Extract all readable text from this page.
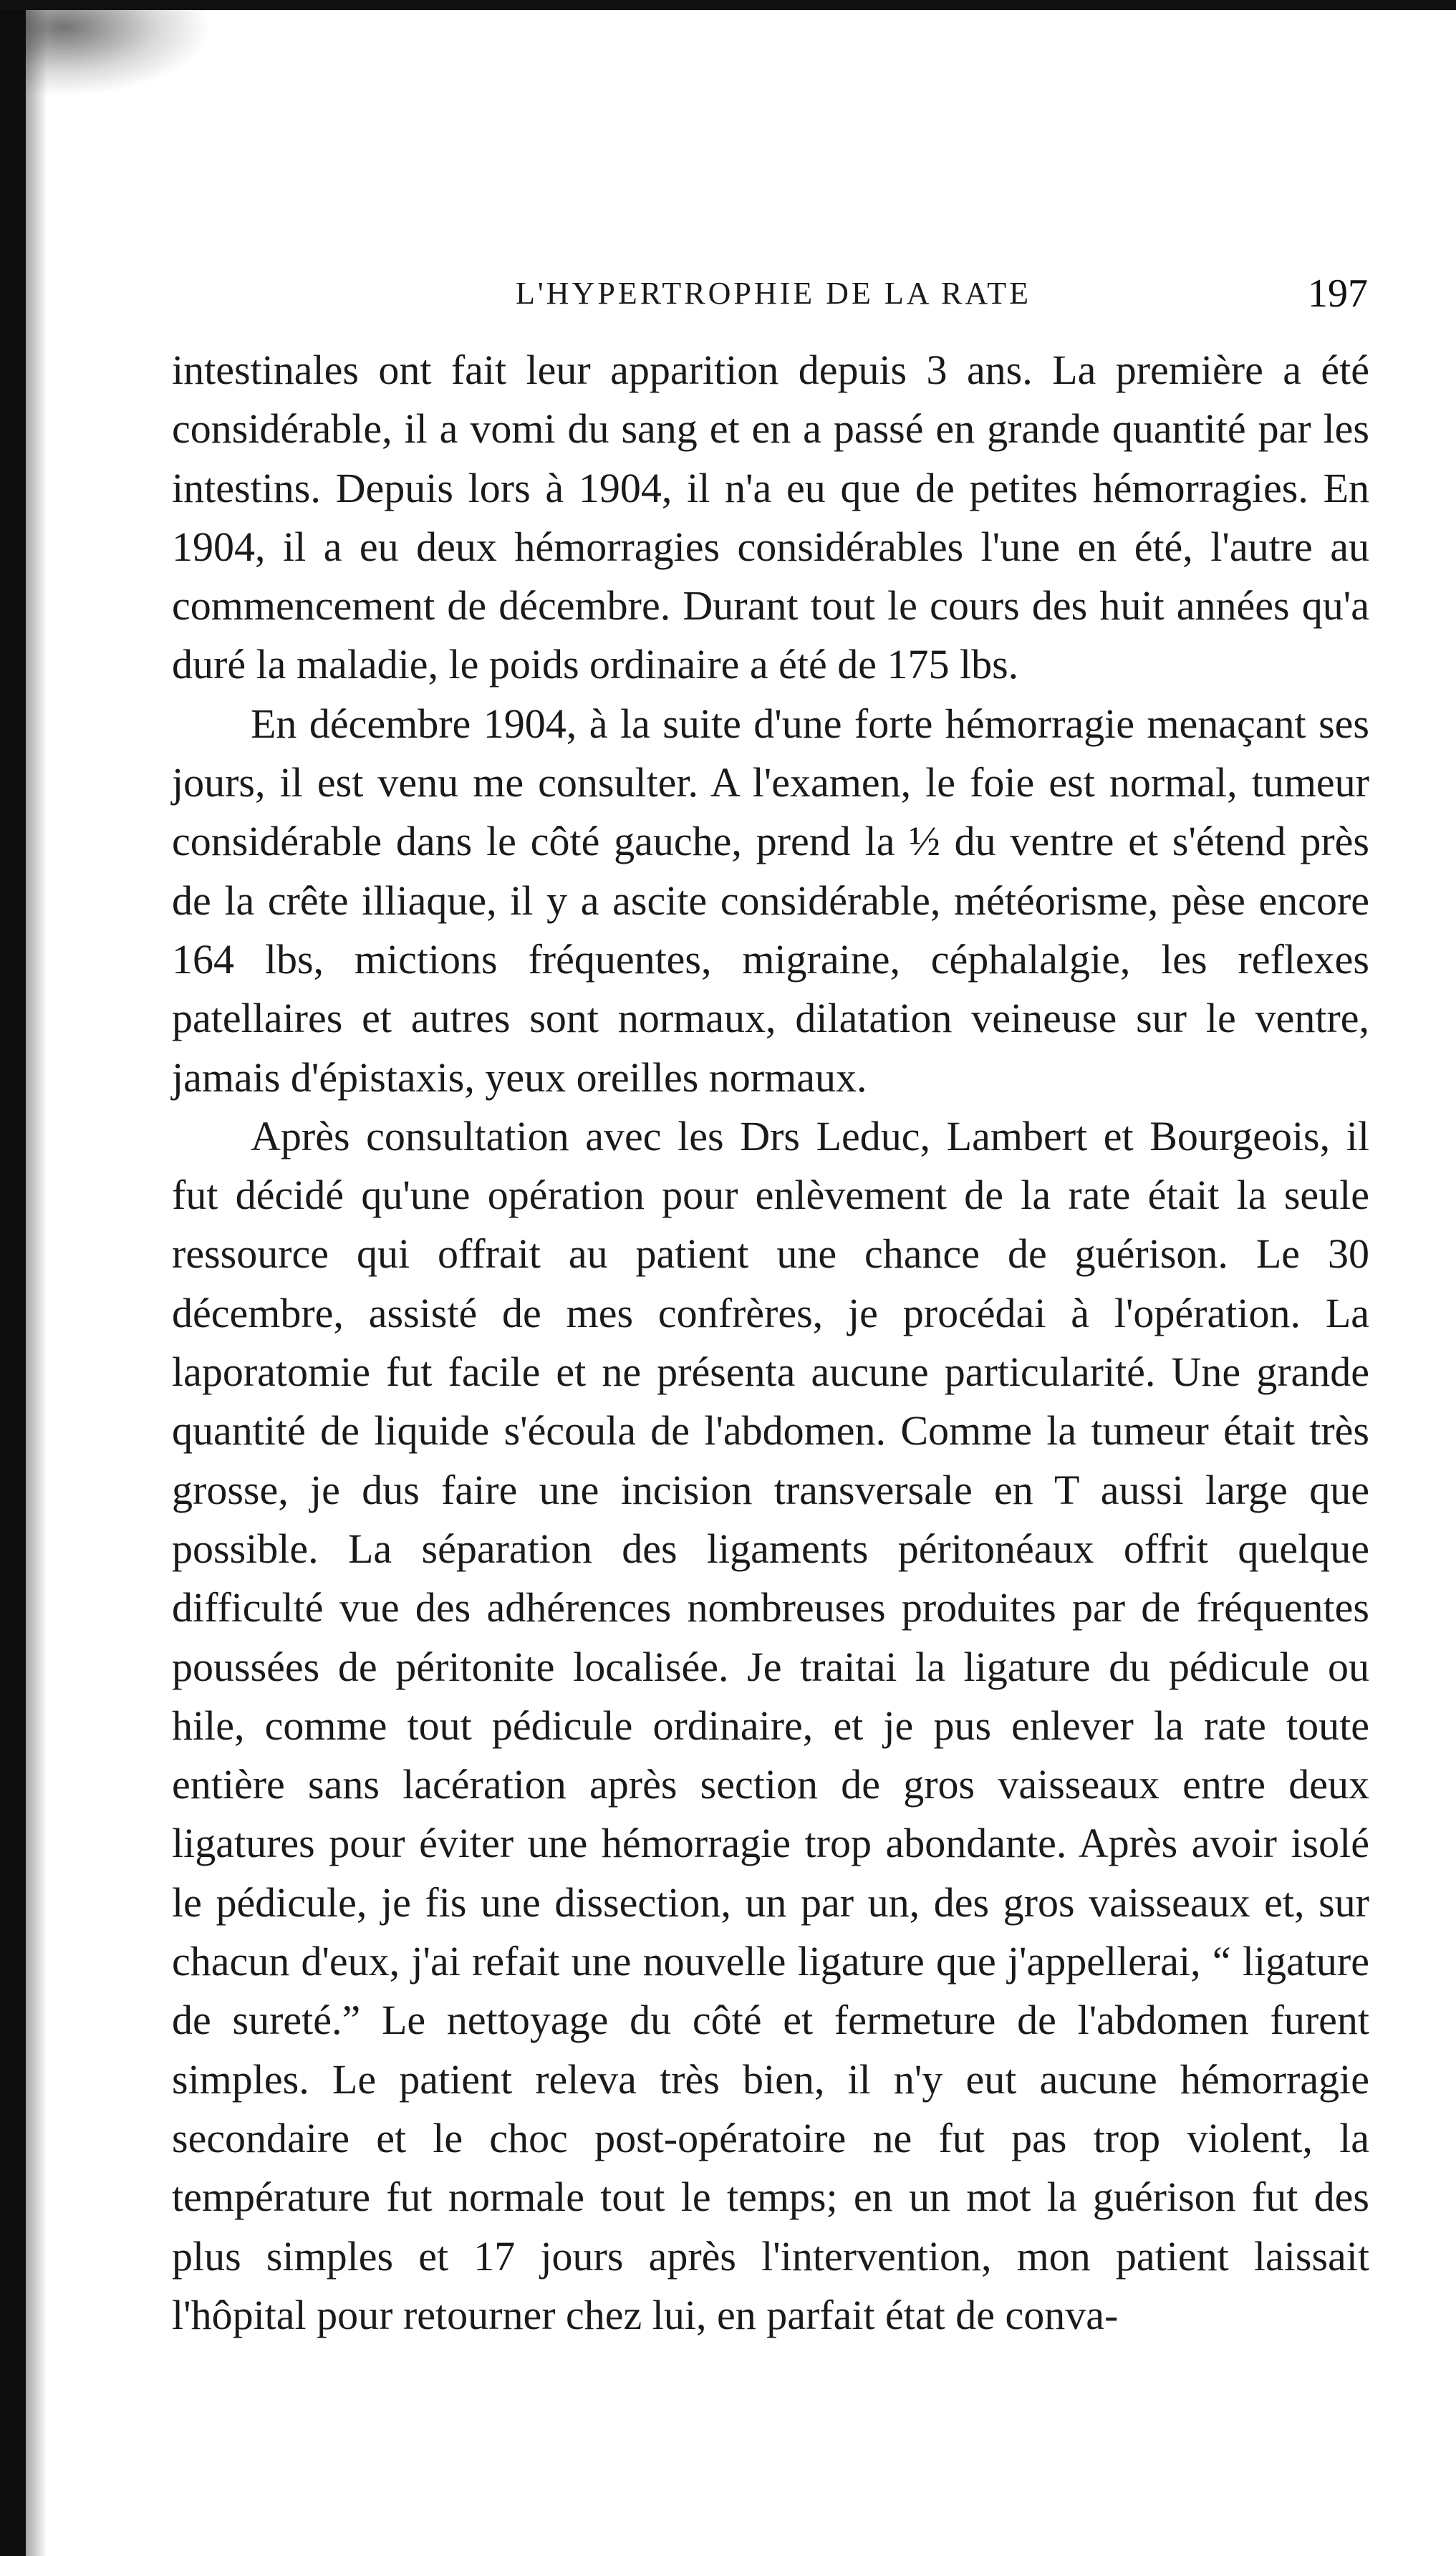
L'HYPERTROPHIE DE LA RATE	197

intestinales ont fait leur apparition depuis 3 ans. La première a été considérable, il a vomi du sang et en a passé en grande quantité par les intestins. Depuis lors à 1904, il n'a eu que de petites hémorragies. En 1904, il a eu deux hémorragies considérables l'une en été, l'autre au commencement de décembre. Durant tout le cours des huit années qu'a duré la maladie, le poids ordinaire a été de 175 lbs.

En décembre 1904, à la suite d'une forte hémorragie menaçant ses jours, il est venu me consulter. A l'examen, le foie est normal, tumeur considérable dans le côté gauche, prend la ½ du ventre et s'étend près de la crête illiaque, il y a ascite considérable, météorisme, pèse encore 164 lbs, mictions fréquentes, migraine, céphalalgie, les reflexes patellaires et autres sont normaux, dilatation veineuse sur le ventre, jamais d'épistaxis, yeux oreilles normaux.

Après consultation avec les Drs Leduc, Lambert et Bourgeois, il fut décidé qu'une opération pour enlèvement de la rate était la seule ressource qui offrait au patient une chance de guérison. Le 30 décembre, assisté de mes confrères, je procédai à l'opération. La laporatomie fut facile et ne présenta aucune particularité. Une grande quantité de liquide s'écoula de l'abdomen. Comme la tumeur était très grosse, je dus faire une incision transversale en T aussi large que possible. La séparation des ligaments péritonéaux offrit quelque difficulté vue des adhérences nombreuses produites par de fréquentes poussées de péritonite localisée. Je traitai la ligature du pédicule ou hile, comme tout pédicule ordinaire, et je pus enlever la rate toute entière sans lacération après section de gros vaisseaux entre deux ligatures pour éviter une hémorragie trop abondante. Après avoir isolé le pédicule, je fis une dissection, un par un, des gros vaisseaux et, sur chacun d'eux, j'ai refait une nouvelle ligature que j'appellerai, “ ligature de sureté.” Le nettoyage du côté et fermeture de l'abdomen furent simples. Le patient releva très bien, il n'y eut aucune hémorragie secondaire et le choc post-opératoire ne fut pas trop violent, la température fut normale tout le temps; en un mot la guérison fut des plus simples et 17 jours après l'intervention, mon patient laissait l'hôpital pour retourner chez lui, en parfait état de conva-
